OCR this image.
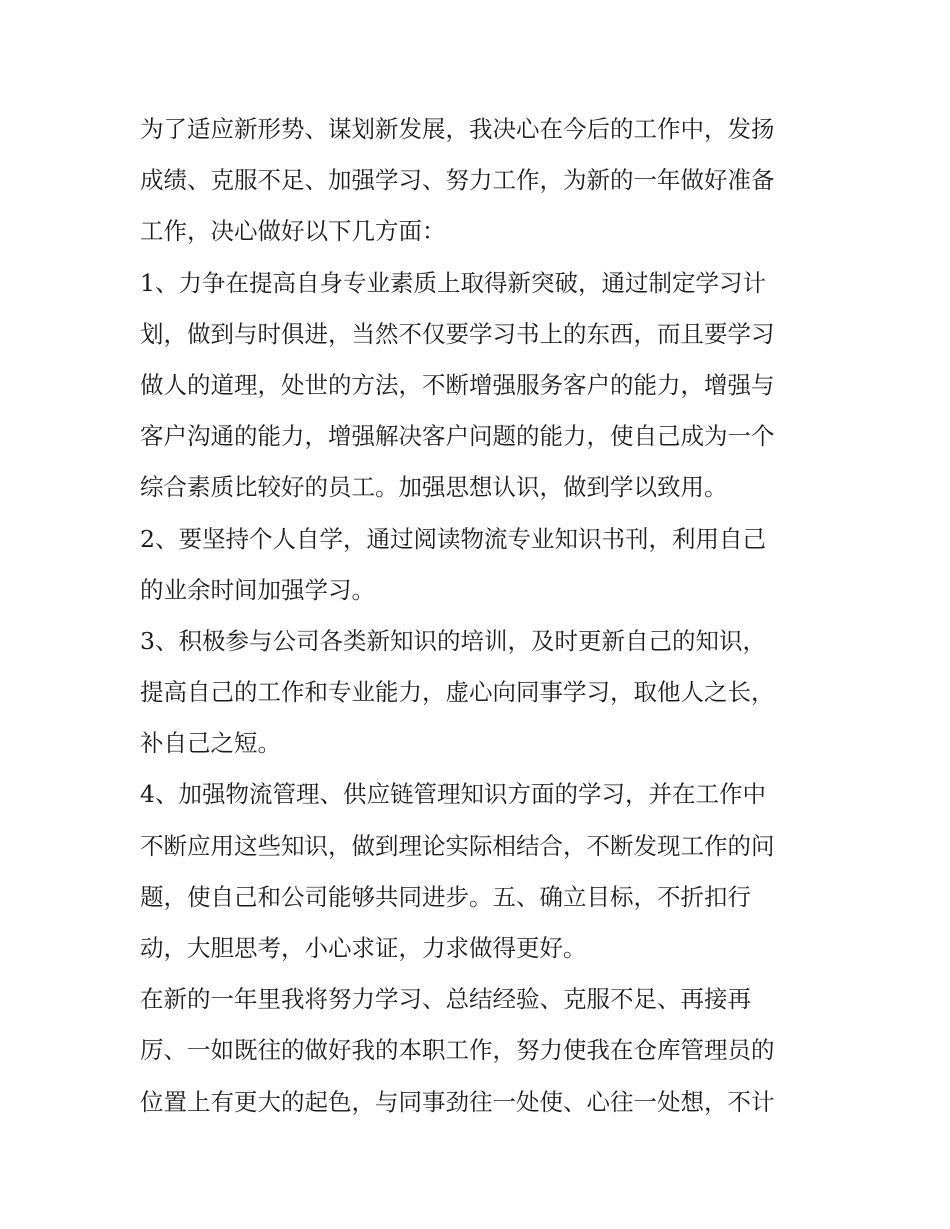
为了适应新形势、谋划新发展，我决心在今后的工作中，发扬
成绩、克服不足、加强学习、努力工作，为新的一年做好准备
工作，决心做好以下几方面：
1、力争在提高自身专业素质上取得新突破，通过制定学习计
划，做到与时俱进，当然不仅要学习书上的东西，而且要学习
做人的道理，处世的方法，不断增强服务客户的能力，增强与
客户沟通的能力，增强解决客户问题的能力，使自己成为一个
综合素质比较好的员工。加强思想认识，做到学以致用。
2、要坚持个人自学，通过阅读物流专业知识书刊，利用自己
的业余时间加强学习。
3、积极参与公司各类新知识的培训，及时更新自己的知识，
提高自己的工作和专业能力，虚心向同事学习，取他人之长，
补自己之短。
4、加强物流管理、供应链管理知识方面的学习，并在工作中
不断应用这些知识，做到理论实际相结合，不断发现工作的问
题，使自己和公司能够共同进步。五、确立目标，不折扣行
动，大胆思考，小心求证，力求做得更好。
在新的一年里我将努力学习、总结经验、克服不足、再接再
厉、一如既往的做好我的本职工作，努力使我在仓库管理员的
位置上有更大的起色，与同事劲往一处使、心往一处想，不计
